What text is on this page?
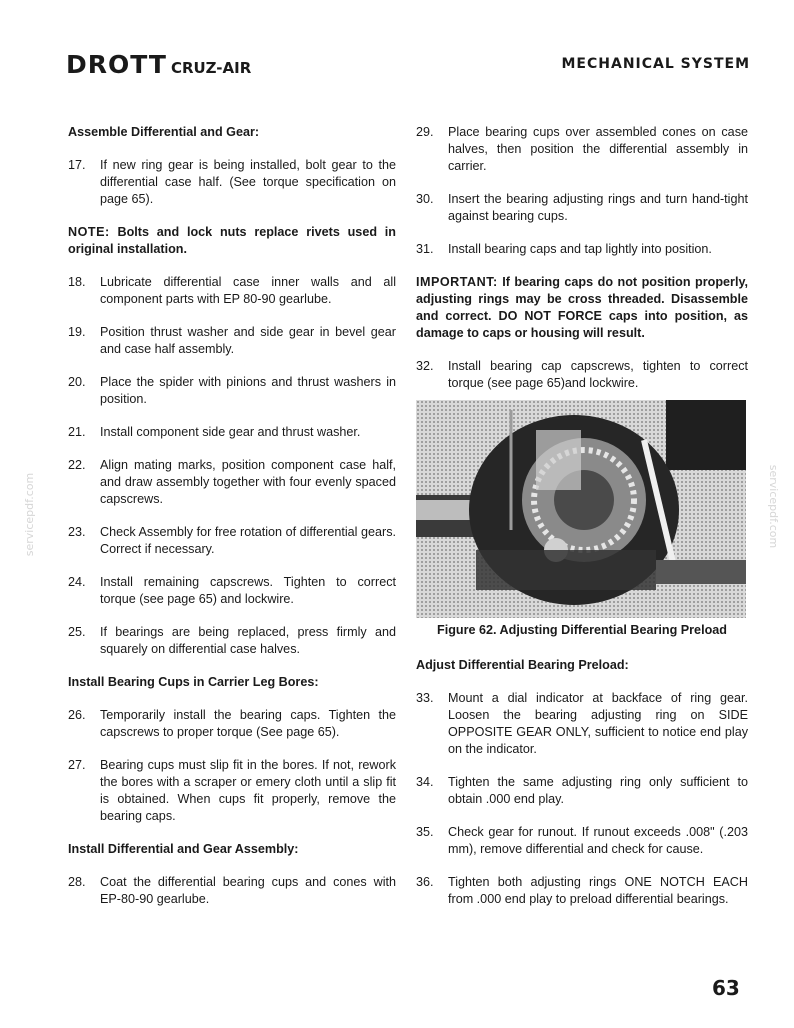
DROTT CRUZ-AIR	MECHANICAL SYSTEM
servicepdf.com	servicepdf.com
Assemble Differential and Gear:
17.	If new ring gear is being installed, bolt gear to the differential case half. (See torque specification on page 65).
NOTE: Bolts and lock nuts replace rivets used in original installation.
18.	Lubricate differential case inner walls and all component parts with EP 80-90 gearlube.
19.	Position thrust washer and side gear in bevel gear and case half assembly.
20.	Place the spider with pinions and thrust washers in position.
21.	Install component side gear and thrust washer.
22.	Align mating marks, position component case half, and draw assembly together with four evenly spaced capscrews.
23.	Check Assembly for free rotation of differential gears. Correct if necessary.
24.	Install remaining capscrews. Tighten to correct torque (see page 65) and lockwire.
25.	If bearings are being replaced, press firmly and squarely on differential case halves.
Install Bearing Cups in Carrier Leg Bores:
26.	Temporarily install the bearing caps. Tighten the capscrews to proper torque (See page 65).
27.	Bearing cups must slip fit in the bores. If not, rework the bores with a scraper or emery cloth until a slip fit is obtained. When cups fit properly, remove the bearing caps.
Install Differential and Gear Assembly:
28.	Coat the differential bearing cups and cones with EP-80-90 gearlube.
29.	Place bearing cups over assembled cones on case halves, then position the differential assembly in carrier.
30.	Insert the bearing adjusting rings and turn hand-tight against bearing cups.
31.	Install bearing caps and tap lightly into position.
IMPORTANT: If bearing caps do not position properly, adjusting rings may be cross threaded. Disassemble and correct. DO NOT FORCE caps into position, as damage to caps or housing will result.
32.	Install bearing cap capscrews, tighten to correct torque (see page 65)and lockwire.
Figure 62. Adjusting Differential Bearing Preload
Adjust Differential Bearing Preload:
33.	Mount a dial indicator at backface of ring gear. Loosen the bearing adjusting ring on SIDE OPPOSITE GEAR ONLY, sufficient to notice end play on the indicator.
34.	Tighten the same adjusting ring only sufficient to obtain .000 end play.
35.	Check gear for runout. If runout exceeds .008" (.203 mm), remove differential and check for cause.
36.	Tighten both adjusting rings ONE NOTCH EACH from .000 end play to preload differential bearings.
63
